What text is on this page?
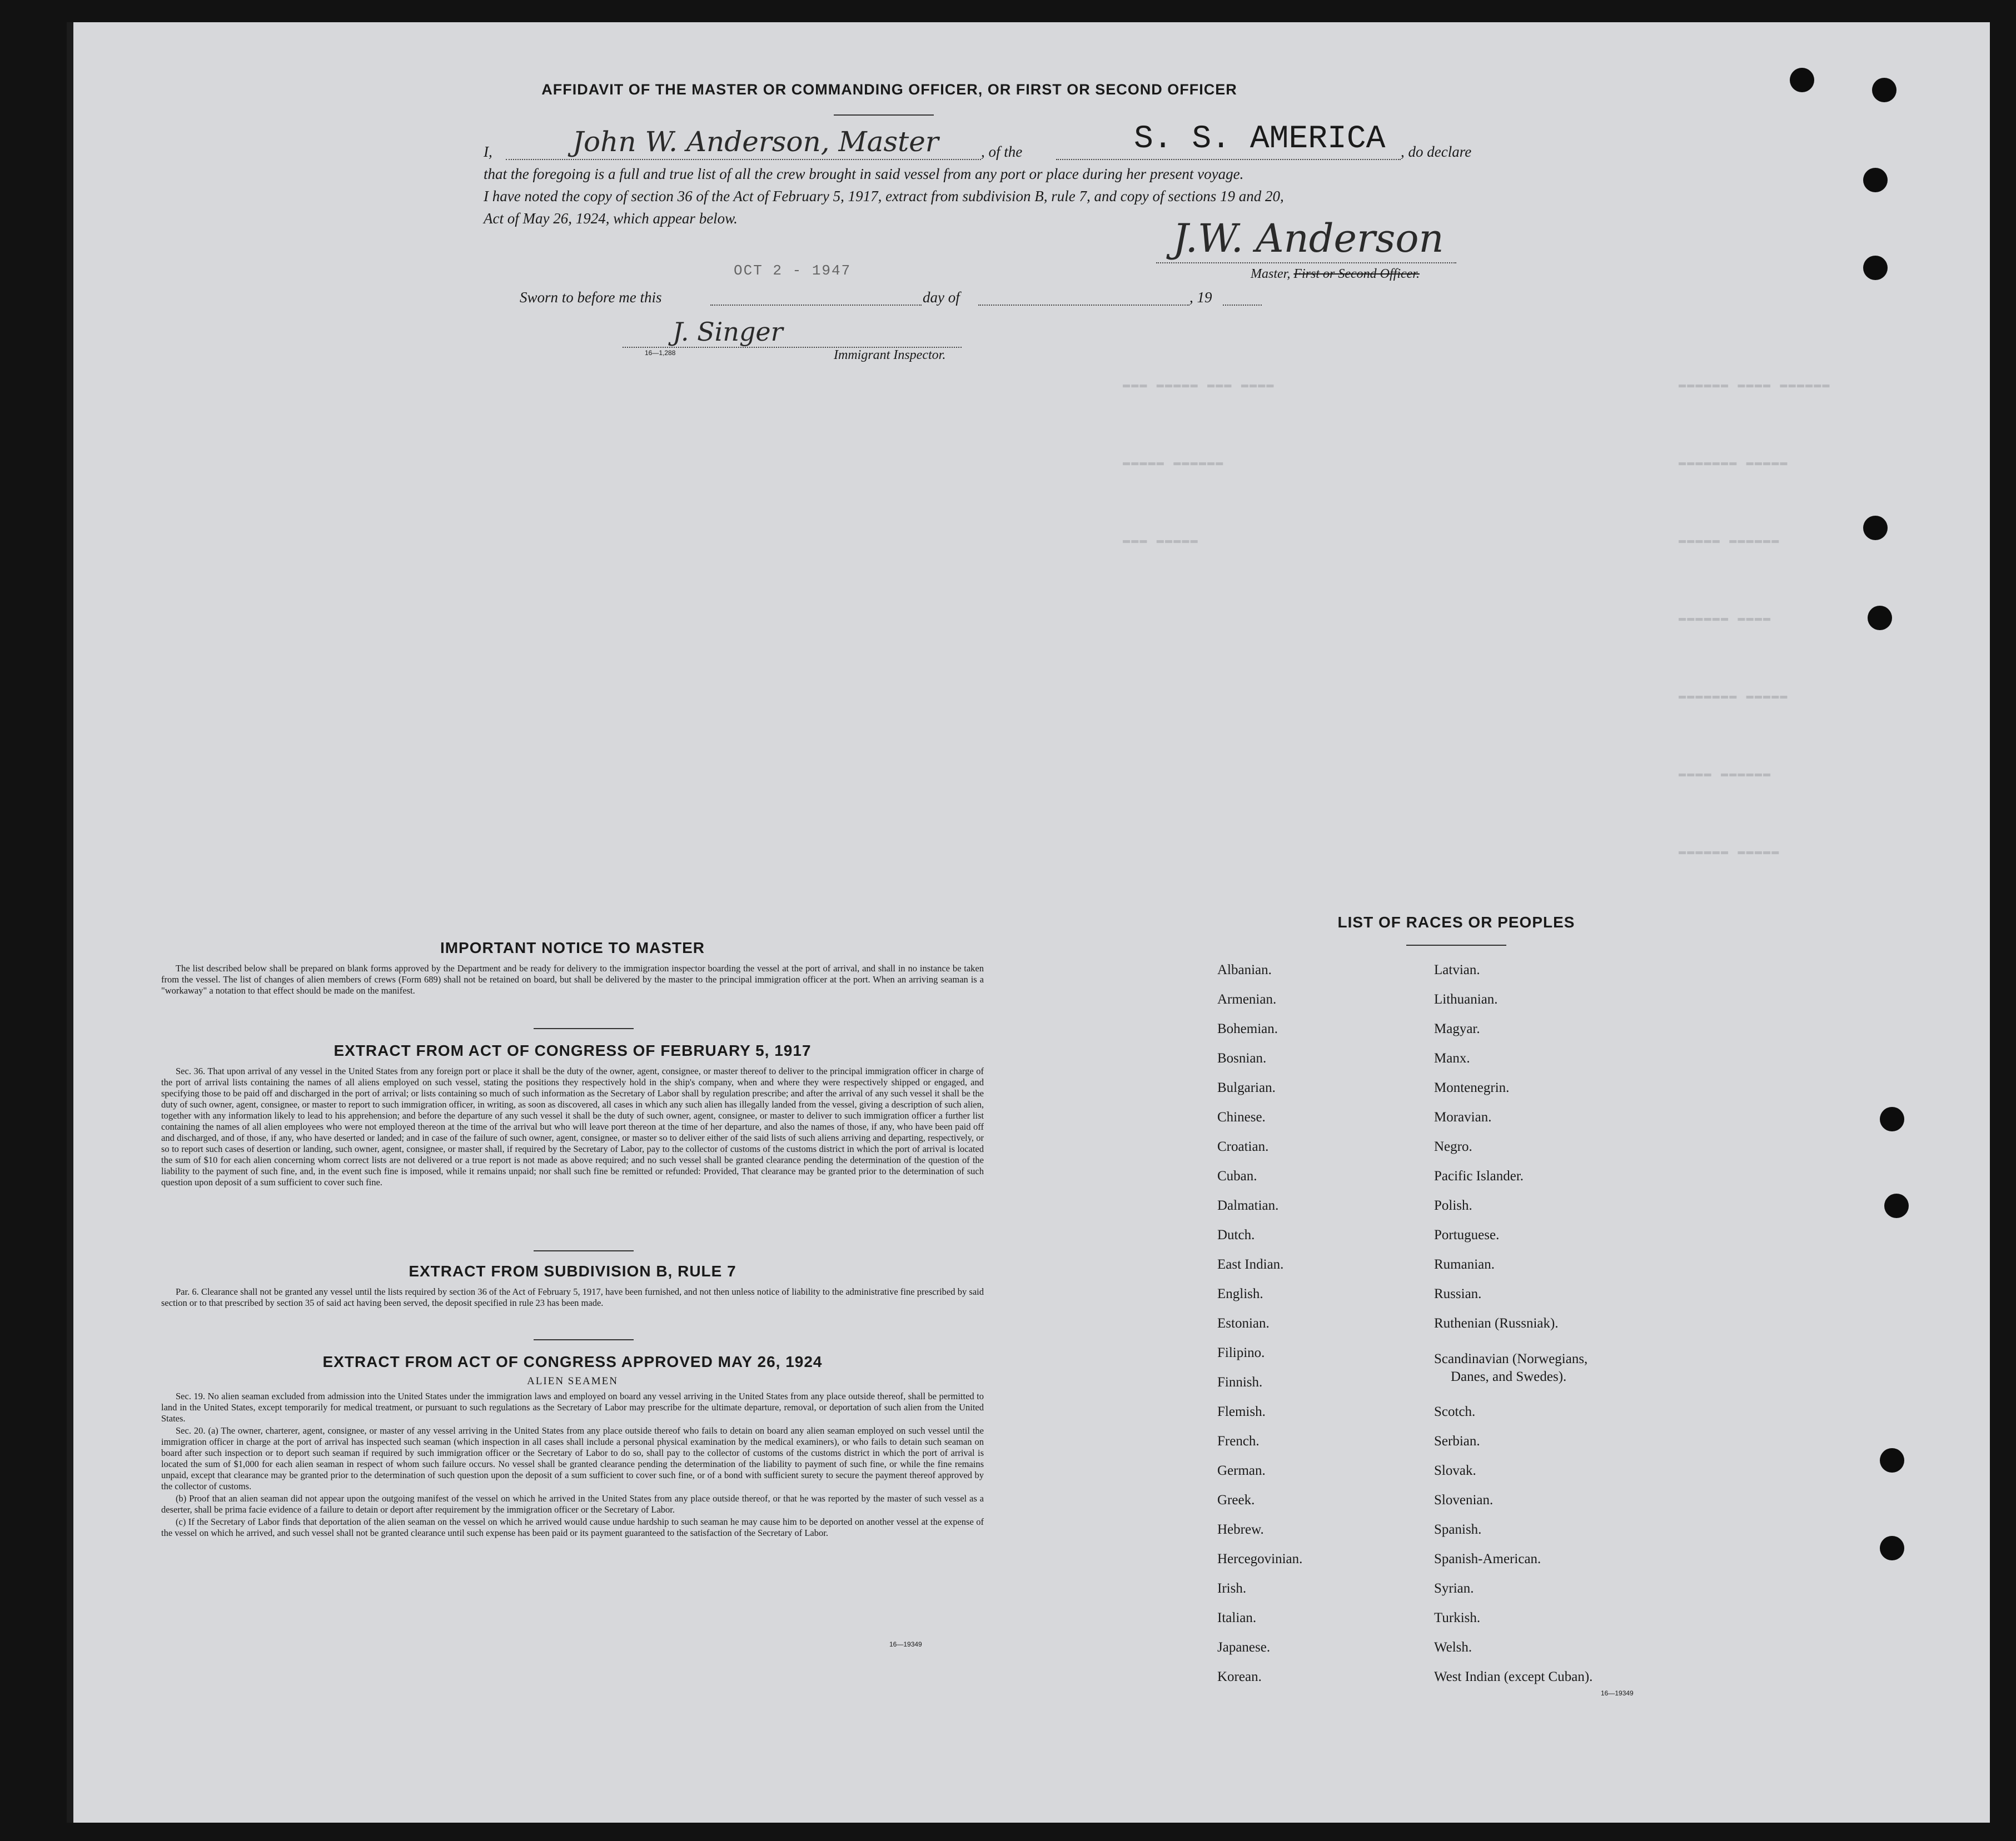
▬▬▬▬▬▬ ▬▬▬▬ ▬▬▬▬▬▬
▬▬▬▬▬▬▬ ▬▬▬▬▬
▬▬▬▬▬ ▬▬▬▬▬▬
▬▬▬▬▬▬ ▬▬▬▬
▬▬▬▬▬▬▬ ▬▬▬▬▬
▬▬▬▬ ▬▬▬▬▬▬
▬▬▬▬▬▬ ▬▬▬▬▬
▬▬▬ ▬▬▬▬▬ ▬▬▬ ▬▬▬▬
▬▬▬▬▬ ▬▬▬▬▬▬
▬▬▬ ▬▬▬▬▬
AFFIDAVIT OF THE MASTER OR COMMANDING OFFICER, OR FIRST OR SECOND OFFICER
I,	John W. Anderson, Master	, of the	S. S. AMERICA , do declare
that the foregoing is a full and true list of all the crew brought in said vessel from any port or place during her present voyage.
I have noted the copy of section 36 of the Act of February 5, 1917, extract from subdivision B, rule 7, and copy of sections 19 and 20,
Act of May 26, 1924, which appear below.	J.W. Anderson
Master, First or Second Officer.
OCT 2 - 1947
Sworn to before me this	day of	, 19
J. Singer
16—1,288	Immigrant Inspector.
IMPORTANT NOTICE TO MASTER

The list described below shall be prepared on blank forms approved by the Department and be ready for delivery to the immigration inspector boarding the vessel at the port of arrival, and shall in no instance be taken from the vessel. The list of changes of alien members of crews (Form 689) shall not be retained on board, but shall be delivered by the master to the principal immigration officer at the port. When an arriving seaman is a "workaway" a notation to that effect should be made on the manifest.

EXTRACT FROM ACT OF CONGRESS OF FEBRUARY 5, 1917

Sec. 36. That upon arrival of any vessel in the United States from any foreign port or place it shall be the duty of the owner, agent, consignee, or master thereof to deliver to the principal immigration officer in charge of the port of arrival lists containing the names of all aliens employed on such vessel, stating the positions they respectively hold in the ship's company, when and where they were respectively shipped or engaged, and specifying those to be paid off and discharged in the port of arrival; or lists containing so much of such information as the Secretary of Labor shall by regulation prescribe; and after the arrival of any such vessel it shall be the duty of such owner, agent, consignee, or master to report to such immigration officer, in writing, as soon as discovered, all cases in which any such alien has illegally landed from the vessel, giving a description of such alien, together with any information likely to lead to his apprehension; and before the departure of any such vessel it shall be the duty of such owner, agent, consignee, or master to deliver to such immigration officer a further list containing the names of all alien employees who were not employed thereon at the time of the arrival but who will leave port thereon at the time of her departure, and also the names of those, if any, who have been paid off and discharged, and of those, if any, who have deserted or landed; and in case of the failure of such owner, agent, consignee, or master so to deliver either of the said lists of such aliens arriving and departing, respectively, or so to report such cases of desertion or landing, such owner, agent, consignee, or master shall, if required by the Secretary of Labor, pay to the collector of customs of the customs district in which the port of arrival is located the sum of $10 for each alien concerning whom correct lists are not delivered or a true report is not made as above required; and no such vessel shall be granted clearance pending the determination of the question of the liability to the payment of such fine, and, in the event such fine is imposed, while it remains unpaid; nor shall such fine be remitted or refunded: Provided, That clearance may be granted prior to the determination of such question upon deposit of a sum sufficient to cover such fine.

EXTRACT FROM SUBDIVISION B, RULE 7

Par. 6. Clearance shall not be granted any vessel until the lists required by section 36 of the Act of February 5, 1917, have been furnished, and not then unless notice of liability to the administrative fine prescribed by said section or to that prescribed by section 35 of said act having been served, the deposit specified in rule 23 has been made.

EXTRACT FROM ACT OF CONGRESS APPROVED MAY 26, 1924
ALIEN SEAMEN

Sec. 19. No alien seaman excluded from admission into the United States under the immigration laws and employed on board any vessel arriving in the United States from any place outside thereof, shall be permitted to land in the United States, except temporarily for medical treatment, or pursuant to such regulations as the Secretary of Labor may prescribe for the ultimate departure, removal, or deportation of such alien from the United States.

Sec. 20. (a) The owner, charterer, agent, consignee, or master of any vessel arriving in the United States from any place outside thereof who fails to detain on board any alien seaman employed on such vessel until the immigration officer in charge at the port of arrival has inspected such seaman (which inspection in all cases shall include a personal physical examination by the medical examiners), or who fails to detain such seaman on board after such inspection or to deport such seaman if required by such immigration officer or the Secretary of Labor to do so, shall pay to the collector of customs of the customs district in which the port of arrival is located the sum of $1,000 for each alien seaman in respect of whom such failure occurs. No vessel shall be granted clearance pending the determination of the liability to payment of such fine, or while the fine remains unpaid, except that clearance may be granted prior to the determination of such question upon the deposit of a sum sufficient to cover such fine, or of a bond with sufficient surety to secure the payment thereof approved by the collector of customs.

(b) Proof that an alien seaman did not appear upon the outgoing manifest of the vessel on which he arrived in the United States from any place outside thereof, or that he was reported by the master of such vessel as a deserter, shall be prima facie evidence of a failure to detain or deport after requirement by the immigration officer or the Secretary of Labor.

(c) If the Secretary of Labor finds that deportation of the alien seaman on the vessel on which he arrived would cause undue hardship to such seaman he may cause him to be deported on another vessel at the expense of the vessel on which he arrived, and such vessel shall not be granted clearance until such expense has been paid or its payment guaranteed to the satisfaction of the Secretary of Labor.

16—19349
LIST OF RACES OR PEOPLES
Albanian.
Armenian.
Bohemian.
Bosnian.
Bulgarian.
Chinese.
Croatian.
Cuban.
Dalmatian.
Dutch.
East Indian.
English.
Estonian.
Filipino.
Finnish.
Flemish.
French.
German.
Greek.
Hebrew.
Hercegovinian.
Irish.
Italian.
Japanese.
Korean.
Latvian.
Lithuanian.
Magyar.
Manx.
Montenegrin.
Moravian.
Negro.
Pacific Islander.
Polish.
Portuguese.
Rumanian.
Russian.
Ruthenian (Russniak).
Scandinavian (Norwegians,
Danes, and Swedes).
Scotch.
Serbian.
Slovak.
Slovenian.
Spanish.
Spanish-American.
Syrian.
Turkish.
Welsh.
West Indian (except Cuban).
16—19349
